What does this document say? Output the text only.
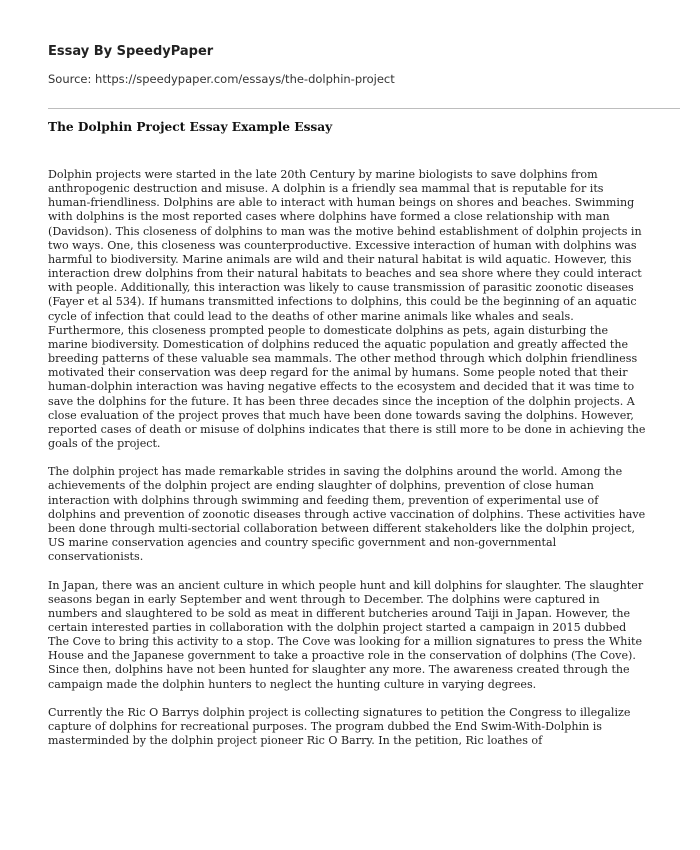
Essay By SpeedyPaper

Source: https://speedypaper.com/essays/the-dolphin-project

The Dolphin Project Essay Example Essay

Dolphin projects were started in the late 20th Century by marine biologists to save dolphins from anthropogenic destruction and misuse. A dolphin is a friendly sea mammal that is reputable for its human-friendliness. Dolphins are able to interact with human beings on shores and beaches. Swimming with dolphins is the most reported cases where dolphins have formed a close relationship with man (Davidson). This closeness of dolphins to man was the motive behind establishment of dolphin projects in two ways. One, this closeness was counterproductive. Excessive interaction of human with dolphins was harmful to biodiversity. Marine animals are wild and their natural habitat is wild aquatic. However, this interaction drew dolphins from their natural habitats to beaches and sea shore where they could interact with people. Additionally, this interaction was likely to cause transmission of parasitic zoonotic diseases (Fayer et al 534). If humans transmitted infections to dolphins, this could be the beginning of an aquatic cycle of infection that could lead to the deaths of other marine animals like whales and seals. Furthermore, this closeness prompted people to domesticate dolphins as pets, again disturbing the marine biodiversity. Domestication of dolphins reduced the aquatic population and greatly affected the breeding patterns of these valuable sea mammals. The other method through which dolphin friendliness motivated their conservation was deep regard for the animal by humans. Some people noted that their human-dolphin interaction was having negative effects to the ecosystem and decided that it was time to save the dolphins for the future. It has been three decades since the inception of the dolphin projects. A close evaluation of the project proves that much have been done towards saving the dolphins. However, reported cases of death or misuse of dolphins indicates that there is still more to be done in achieving the goals of the project.

The dolphin project has made remarkable strides in saving the dolphins around the world. Among the achievements of the dolphin project are ending slaughter of dolphins, prevention of close human interaction with dolphins through swimming and feeding them, prevention of experimental use of dolphins and prevention of zoonotic diseases through active vaccination of dolphins. These activities have been done through multi-sectorial collaboration between different stakeholders like the dolphin project, US marine conservation agencies and country specific government and non-governmental conservationists.

In Japan, there was an ancient culture in which people hunt and kill dolphins for slaughter. The slaughter seasons began in early September and went through to December. The dolphins were captured in numbers and slaughtered to be sold as meat in different butcheries around Taiji in Japan. However, the certain interested parties in collaboration with the dolphin project started a campaign in 2015 dubbed The Cove to bring this activity to a stop. The Cove was looking for a million signatures to press the White House and the Japanese government to take a proactive role in the conservation of dolphins (The Cove). Since then, dolphins have not been hunted for slaughter any more. The awareness created through the campaign made the dolphin hunters to neglect the hunting culture in varying degrees.

Currently the Ric O Barrys dolphin project is collecting signatures to petition the Congress to illegalize capture of dolphins for recreational purposes. The program dubbed the End Swim-With-Dolphin is masterminded by the dolphin project pioneer Ric O Barry. In the petition, Ric loathes of
